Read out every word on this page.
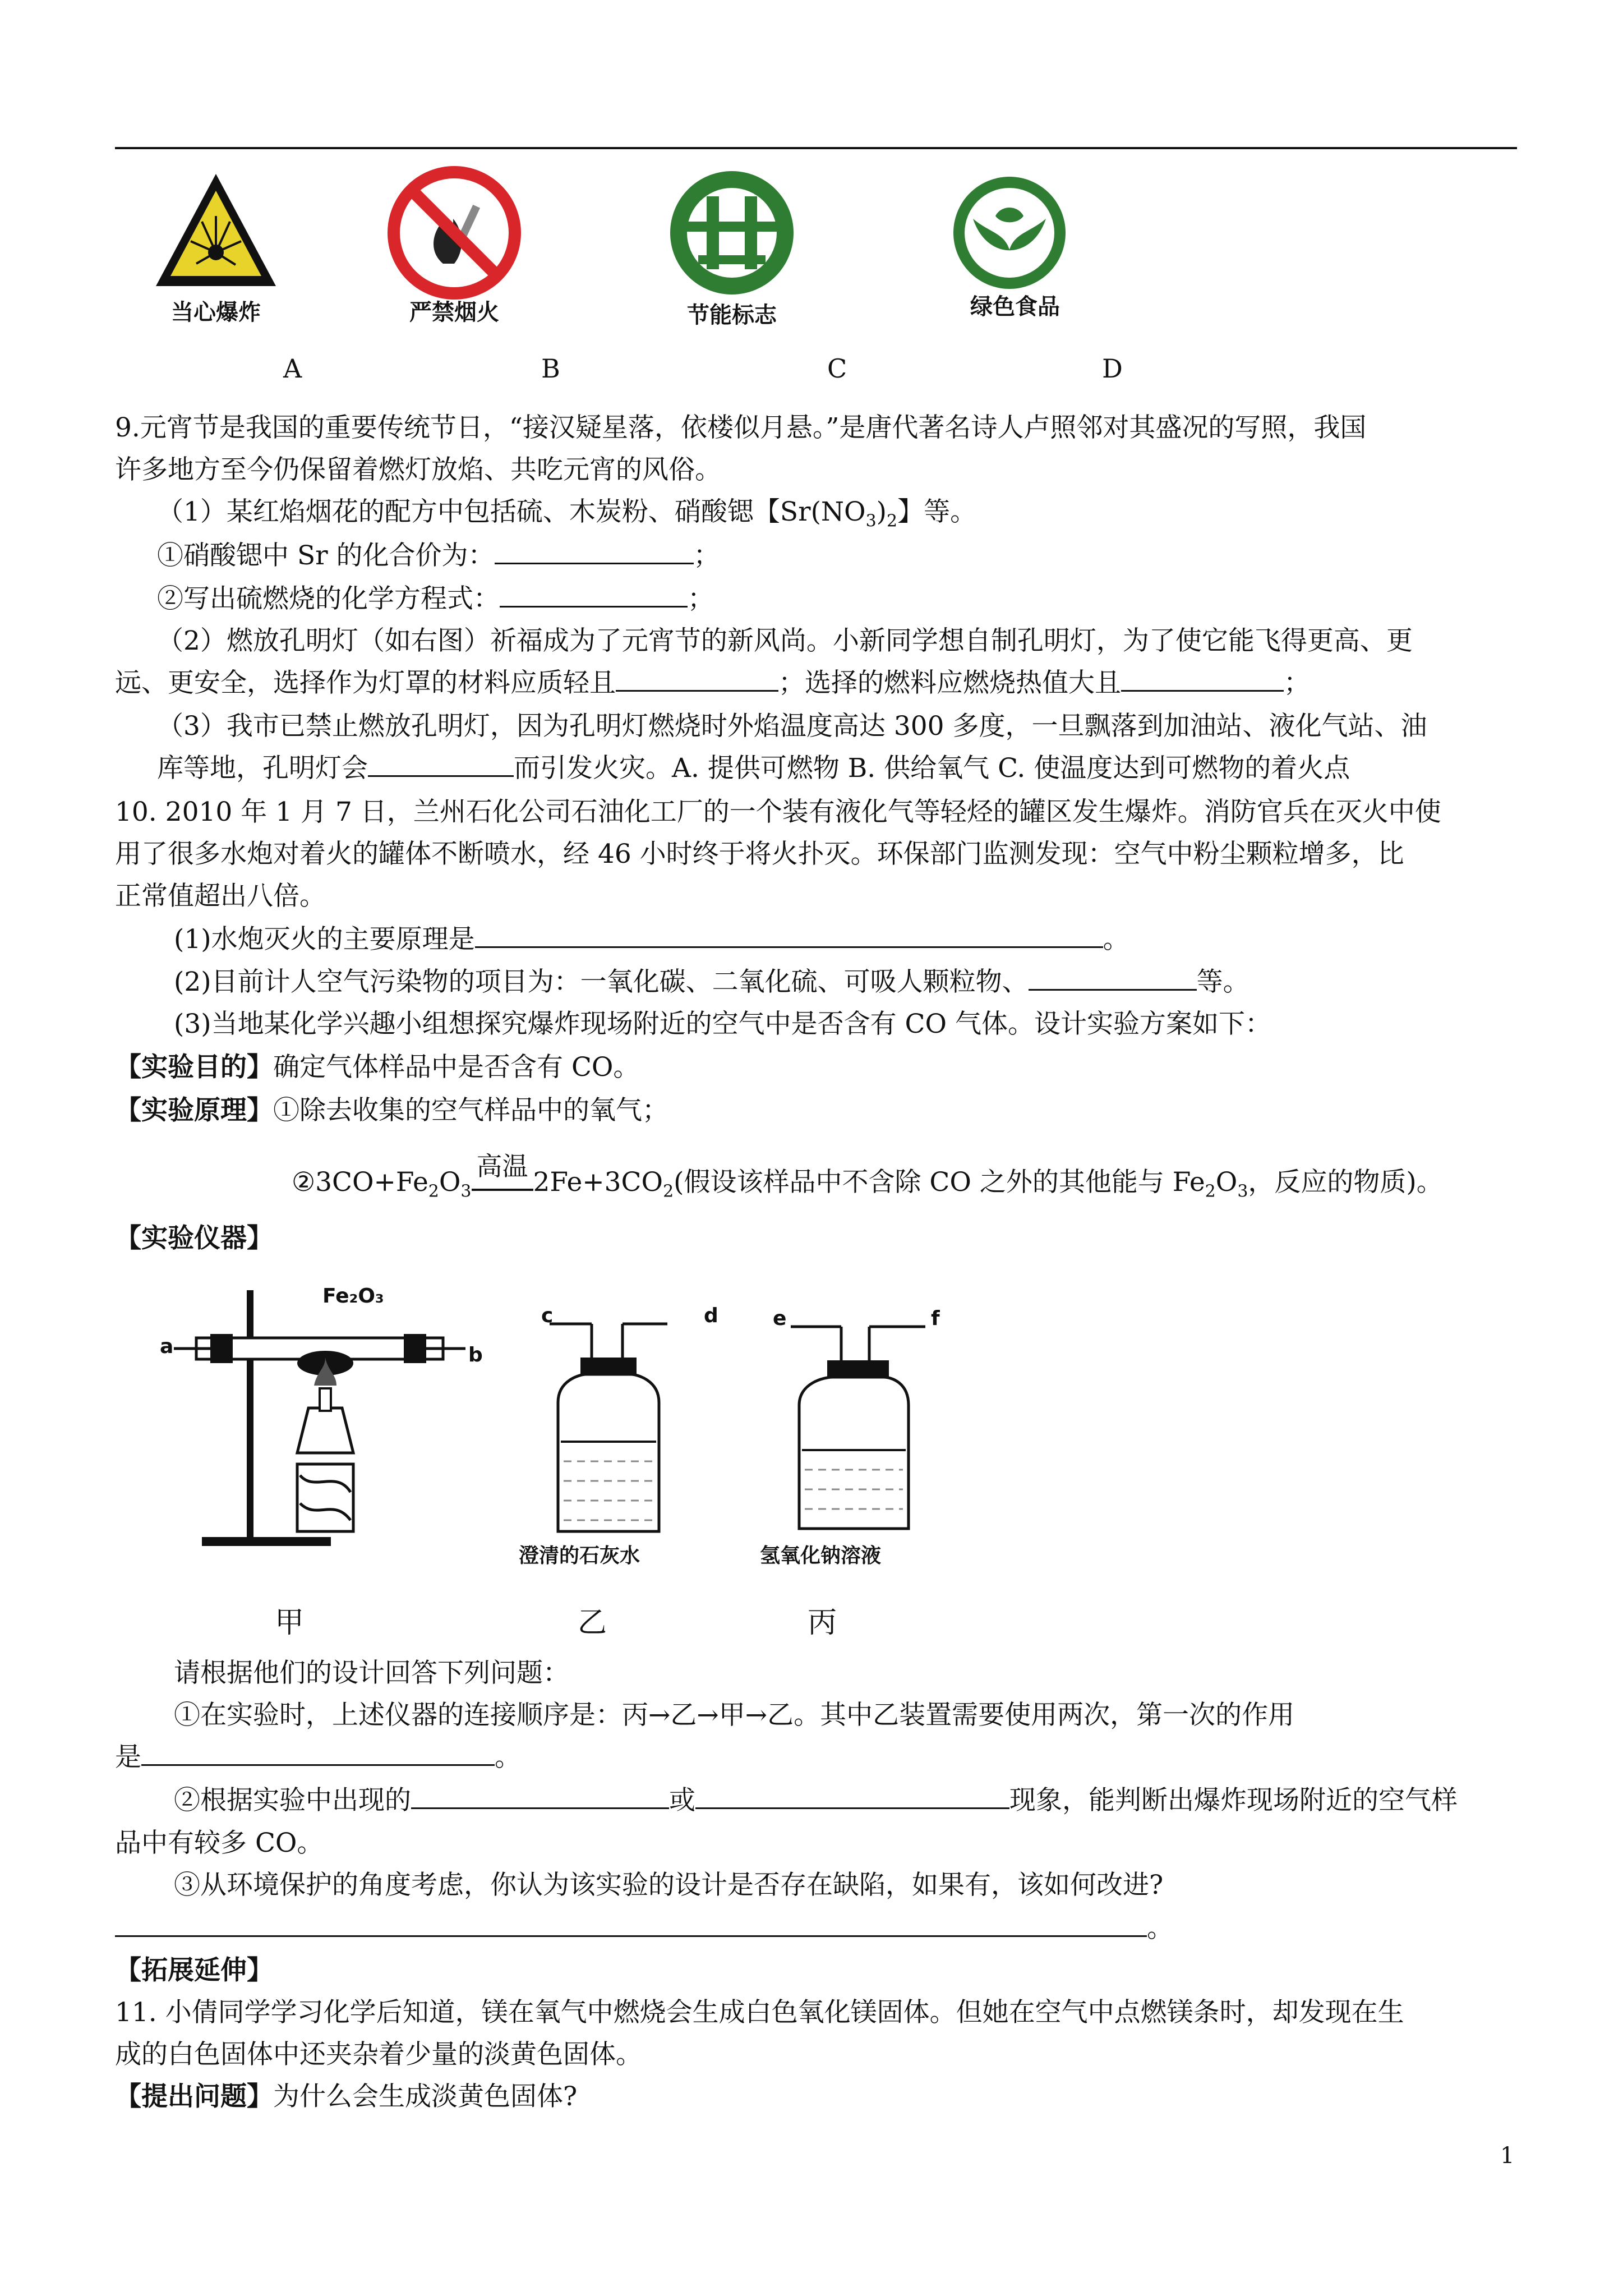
当心爆炸	严禁烟火	节能标志	绿色食品
A	B	C	D
9.元宵节是我国的重要传统节日，“接汉疑星落，依楼似月悬。”是唐代著名诗人卢照邻对其盛况的写照，我国
许多地方至今仍保留着燃灯放焰、共吃元宵的风俗。
（1）某红焰烟花的配方中包括硫、木炭粉、硝酸锶【$Sr(NO_3)_2$】等。
①硝酸锶中 Sr 的化合价为：	；
②写出硫燃烧的化学方程式：	；
（2）燃放孔明灯（如右图）祈福成为了元宵节的新风尚。小新同学想自制孔明灯，为了使它能飞得更高、更
远、更安全，选择作为灯罩的材料应质轻且	；选择的燃料应燃烧热值大且	；
（3）我市已禁止燃放孔明灯，因为孔明灯燃烧时外焰温度高达 300 多度，一旦飘落到加油站、液化气站、油
库等地，孔明灯会	而引发火灾。A. 提供可燃物 B. 供给氧气 C. 使温度达到可燃物的着火点
10. 2010 年 1 月 7 日，兰州石化公司石油化工厂的一个装有液化气等轻烃的罐区发生爆炸。消防官兵在灭火中使
用了很多水炮对着火的罐体不断喷水，经 46 小时终于将火扑灭。环保部门监测发现：空气中粉尘颗粒增多，比
正常值超出八倍。
(1)水炮灭火的主要原理是	。
(2)目前计人空气污染物的项目为：一氧化碳、二氧化硫、可吸人颗粒物、	等。
(3)当地某化学兴趣小组想探究爆炸现场附近的空气中是否含有 CO 气体。设计实验方案如下：
【实验目的】确定气体样品中是否含有 CO。
【实验原理】①除去收集的空气样品中的氧气；
$②3CO+Fe_2O_3$
高温
$2Fe+3CO_2$(假设该样品中不含除 CO 之外的其他能与 $Fe_2O_3$，反应的物质)。
【实验仪器】
Fe₂O₃
a	b
c	d
澄清的石灰水
e	f
氢氧化钠溶液
甲	乙	丙
请根据他们的设计回答下列问题：
①在实验时，上述仪器的连接顺序是：丙→乙→甲→乙。其中乙装置需要使用两次，第一次的作用
是	。
②根据实验中出现的	或	现象，能判断出爆炸现场附近的空气样
品中有较多 CO。
③从环境保护的角度考虑，你认为该实验的设计是否存在缺陷，如果有，该如何改进?
。
【拓展延伸】
11. 小倩同学学习化学后知道，镁在氧气中燃烧会生成白色氧化镁固体。但她在空气中点燃镁条时，却发现在生
成的白色固体中还夹杂着少量的淡黄色固体。
【提出问题】为什么会生成淡黄色固体?
1
